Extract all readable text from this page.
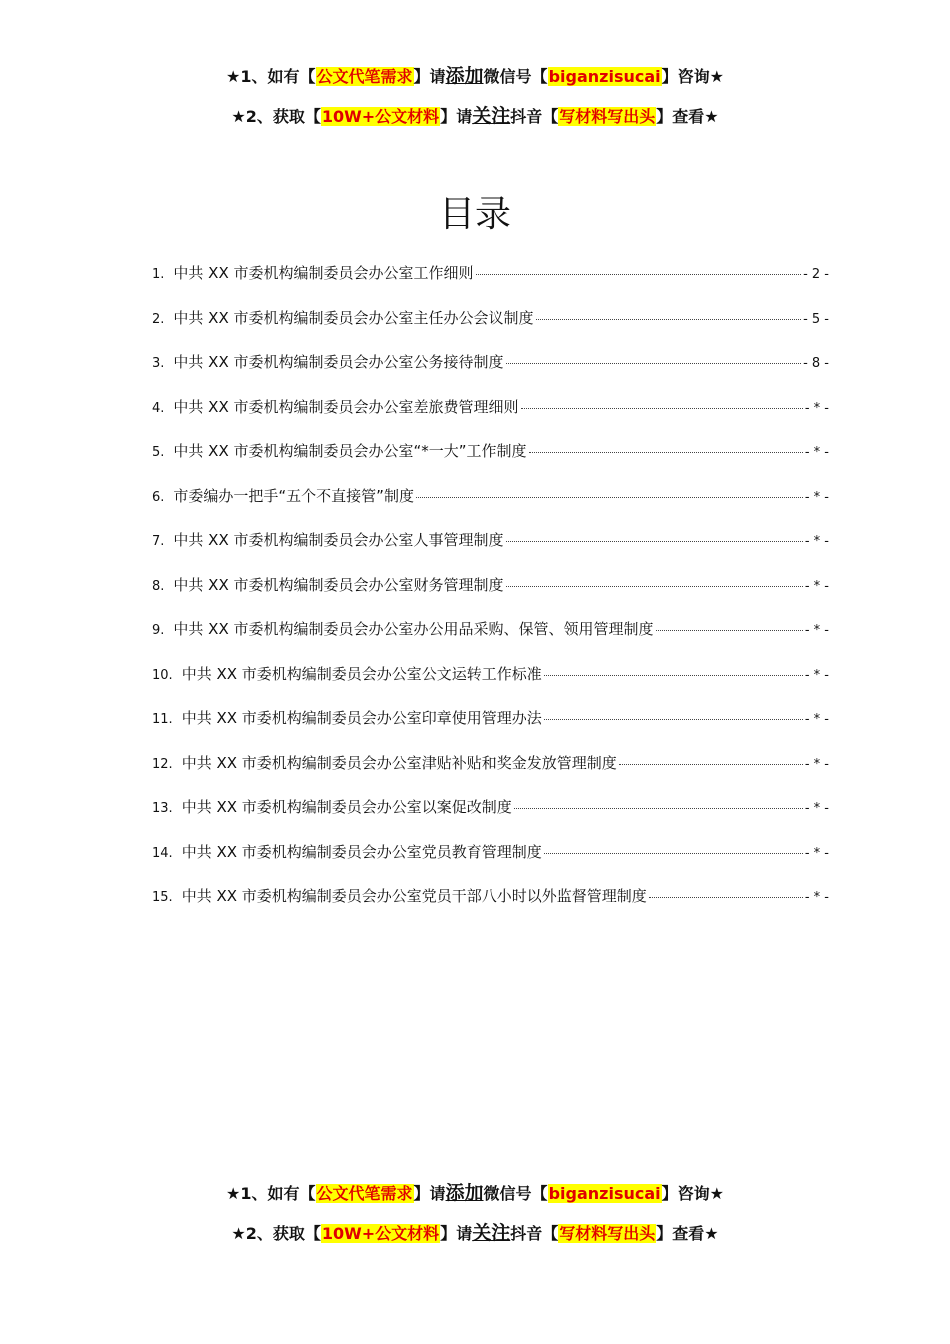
★1、如有【公文代笔需求】请添加微信号【biganzisucai】咨询★
★2、获取【10W+公文材料】请关注抖音【写材料写出头】查看★
目录
1. 中共 XX 市委机构编制委员会办公室工作细则	- 2 -
2. 中共 XX 市委机构编制委员会办公室主任办公会议制度	- 5 -
3. 中共 XX 市委机构编制委员会办公室公务接待制度	- 8 -
4. 中共 XX 市委机构编制委员会办公室差旅费管理细则	- * -
5. 中共 XX 市委机构编制委员会办公室“*一大”工作制度	- * -
6. 市委编办一把手“五个不直接管”制度	- * -
7. 中共 XX 市委机构编制委员会办公室人事管理制度	- * -
8. 中共 XX 市委机构编制委员会办公室财务管理制度	- * -
9. 中共 XX 市委机构编制委员会办公室办公用品采购、保管、领用管理制度	- * -
10. 中共 XX 市委机构编制委员会办公室公文运转工作标准	- * -
11. 中共 XX 市委机构编制委员会办公室印章使用管理办法	- * -
12. 中共 XX 市委机构编制委员会办公室津贴补贴和奖金发放管理制度	- * -
13. 中共 XX 市委机构编制委员会办公室以案促改制度	- * -
14. 中共 XX 市委机构编制委员会办公室党员教育管理制度	- * -
15. 中共 XX 市委机构编制委员会办公室党员干部八小时以外监督管理制度	- * -
★1、如有【公文代笔需求】请添加微信号【biganzisucai】咨询★
★2、获取【10W+公文材料】请关注抖音【写材料写出头】查看★
